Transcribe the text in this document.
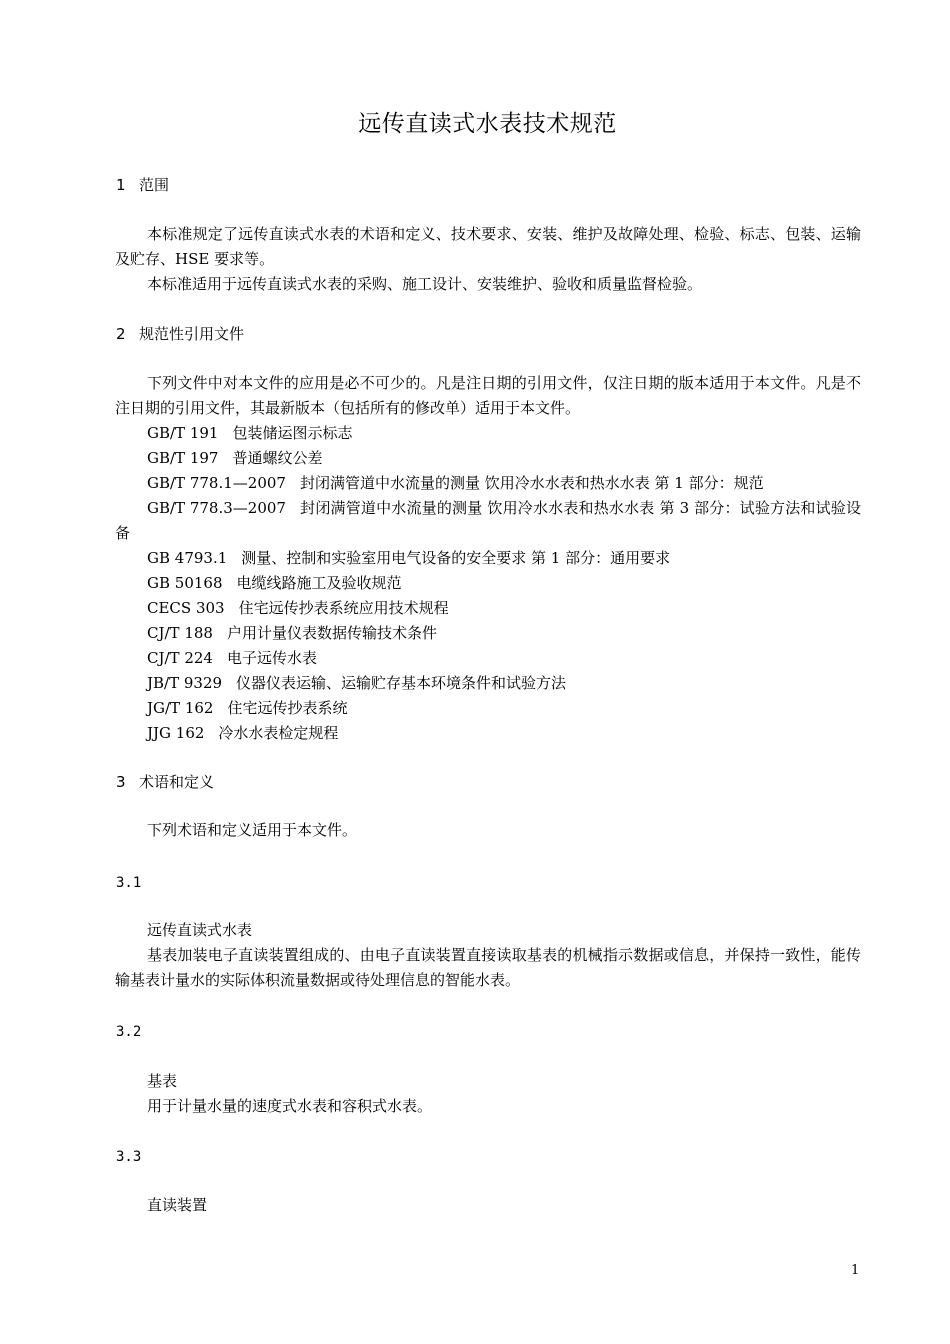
远传直读式水表技术规范
1 范围
本标准规定了远传直读式水表的术语和定义、技术要求、安装、维护及故障处理、检验、标志、包装、运输及贮存、HSE 要求等。
本标准适用于远传直读式水表的采购、施工设计、安装维护、验收和质量监督检验。
2 规范性引用文件
下列文件中对本文件的应用是必不可少的。凡是注日期的引用文件，仅注日期的版本适用于本文件。凡是不注日期的引用文件，其最新版本（包括所有的修改单）适用于本文件。
GB/T 191 包装储运图示标志
GB/T 197 普通螺纹公差
GB/T 778.1—2007 封闭满管道中水流量的测量 饮用冷水水表和热水水表 第 1 部分：规范
GB/T 778.3—2007 封闭满管道中水流量的测量 饮用冷水水表和热水水表 第 3 部分：试验方法和试验设备
GB 4793.1 测量、控制和实验室用电气设备的安全要求 第 1 部分：通用要求
GB 50168 电缆线路施工及验收规范
CECS 303 住宅远传抄表系统应用技术规程
CJ/T 188 户用计量仪表数据传输技术条件
CJ/T 224 电子远传水表
JB/T 9329 仪器仪表运输、运输贮存基本环境条件和试验方法
JG/T 162 住宅远传抄表系统
JJG 162 冷水水表检定规程
3 术语和定义
下列术语和定义适用于本文件。
3.1
远传直读式水表
基表加装电子直读装置组成的、由电子直读装置直接读取基表的机械指示数据或信息，并保持一致性，能传输基表计量水的实际体积流量数据或待处理信息的智能水表。
3.2
基表
用于计量水量的速度式水表和容积式水表。
3.3
直读装置
1
